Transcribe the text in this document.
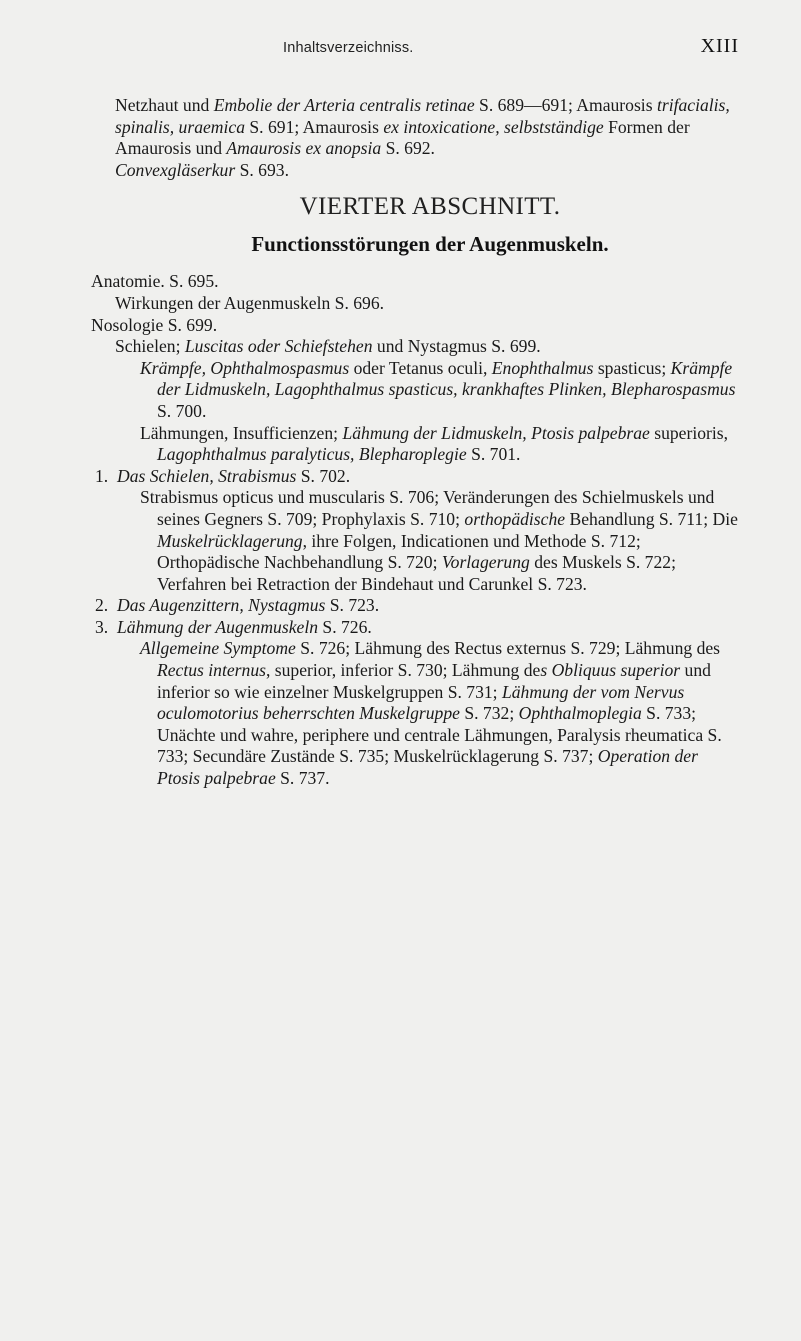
Inhaltsverzeichniss.	XIII

Netzhaut und Embolie der Arteria centralis retinae S. 689—691; Amaurosis trifacialis, spinalis, uraemica S. 691; Amaurosis ex intoxicatione, selbstständige Formen der Amaurosis und Amaurosis ex anopsia S. 692.
Convexgläserkur S. 693.

VIERTER ABSCHNITT.
Functionsstörungen der Augenmuskeln.

Anatomie. S. 695.

Wirkungen der Augenmuskeln S. 696.

Nosologie S. 699.

Schielen; Luscitas oder Schiefstehen und Nystagmus S. 699.

Krämpfe, Ophthalmospasmus oder Tetanus oculi, Enophthalmus spasticus; Krämpfe der Lidmuskeln, Lagophthalmus spasticus, krankhaftes Plinken, Blepharospasmus S. 700.

Lähmungen, Insufficienzen; Lähmung der Lidmuskeln, Ptosis palpebrae superioris, Lagophthalmus paralyticus, Blepharoplegie S. 701.

1. Das Schielen, Strabismus S. 702.

Strabismus opticus und muscularis S. 706; Veränderungen des Schielmuskels und seines Gegners S. 709; Prophylaxis S. 710; orthopädische Behandlung S. 711; Die Muskelrücklagerung, ihre Folgen, Indicationen und Methode S. 712; Orthopädische Nachbehandlung S. 720; Vorlagerung des Muskels S. 722; Verfahren bei Retraction der Bindehaut und Carunkel S. 723.

2. Das Augenzittern, Nystagmus S. 723.

3. Lähmung der Augenmuskeln S. 726.

Allgemeine Symptome S. 726; Lähmung des Rectus externus S. 729; Lähmung des Rectus internus, superior, inferior S. 730; Lähmung des Obliquus superior und inferior so wie einzelner Muskelgruppen S. 731; Lähmung der vom Nervus oculomotorius beherrschten Muskelgruppe S. 732; Ophthalmoplegia S. 733; Unächte und wahre, periphere und centrale Lähmungen, Paralysis rheumatica S. 733; Secundäre Zustände S. 735; Muskelrücklagerung S. 737; Operation der Ptosis palpebrae S. 737.
